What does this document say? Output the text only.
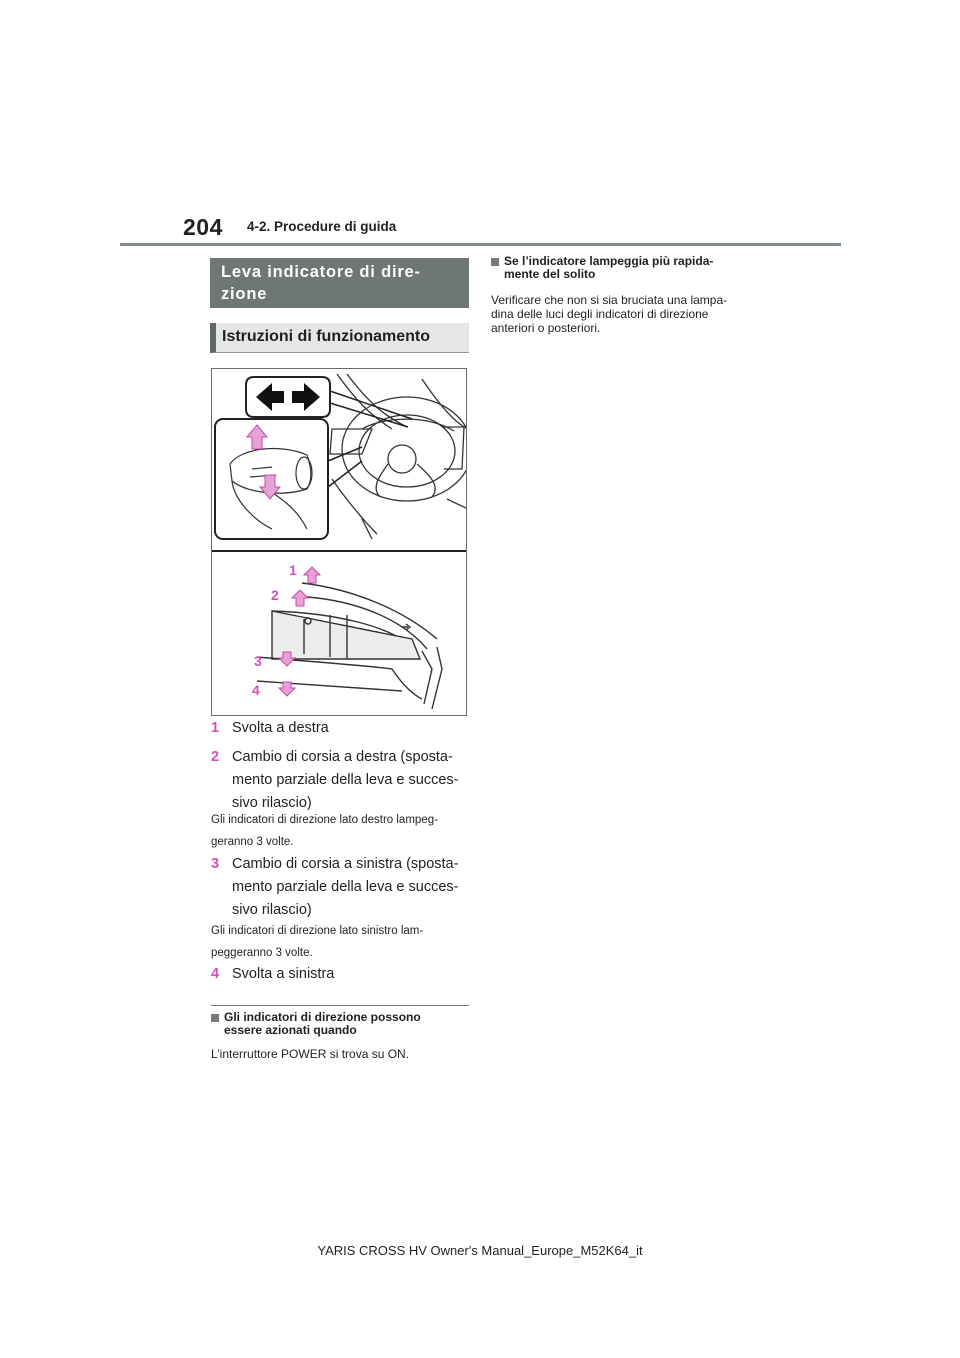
204 4-2. Procedure di guida
Leva indicatore di dire-
zione
Istruzioni di funzionamento
1
2
3
4
1 Svolta a destra
2 Cambio di corsia a destra (sposta-
mento parziale della leva e succes-
sivo rilascio)
Gli indicatori di direzione lato destro lampeg-
geranno 3 volte.
3 Cambio di corsia a sinistra (sposta-
mento parziale della leva e succes-
sivo rilascio)
Gli indicatori di direzione lato sinistro lam-
peggeranno 3 volte.
4 Svolta a sinistra
Gli indicatori di direzione possono
essere azionati quando
L’interruttore POWER si trova su ON.
Se l’indicatore lampeggia più rapida-
mente del solito
Verificare che non si sia bruciata una lampa-
dina delle luci degli indicatori di direzione
anteriori o posteriori.
YARIS CROSS HV Owner's Manual_Europe_M52K64_it
